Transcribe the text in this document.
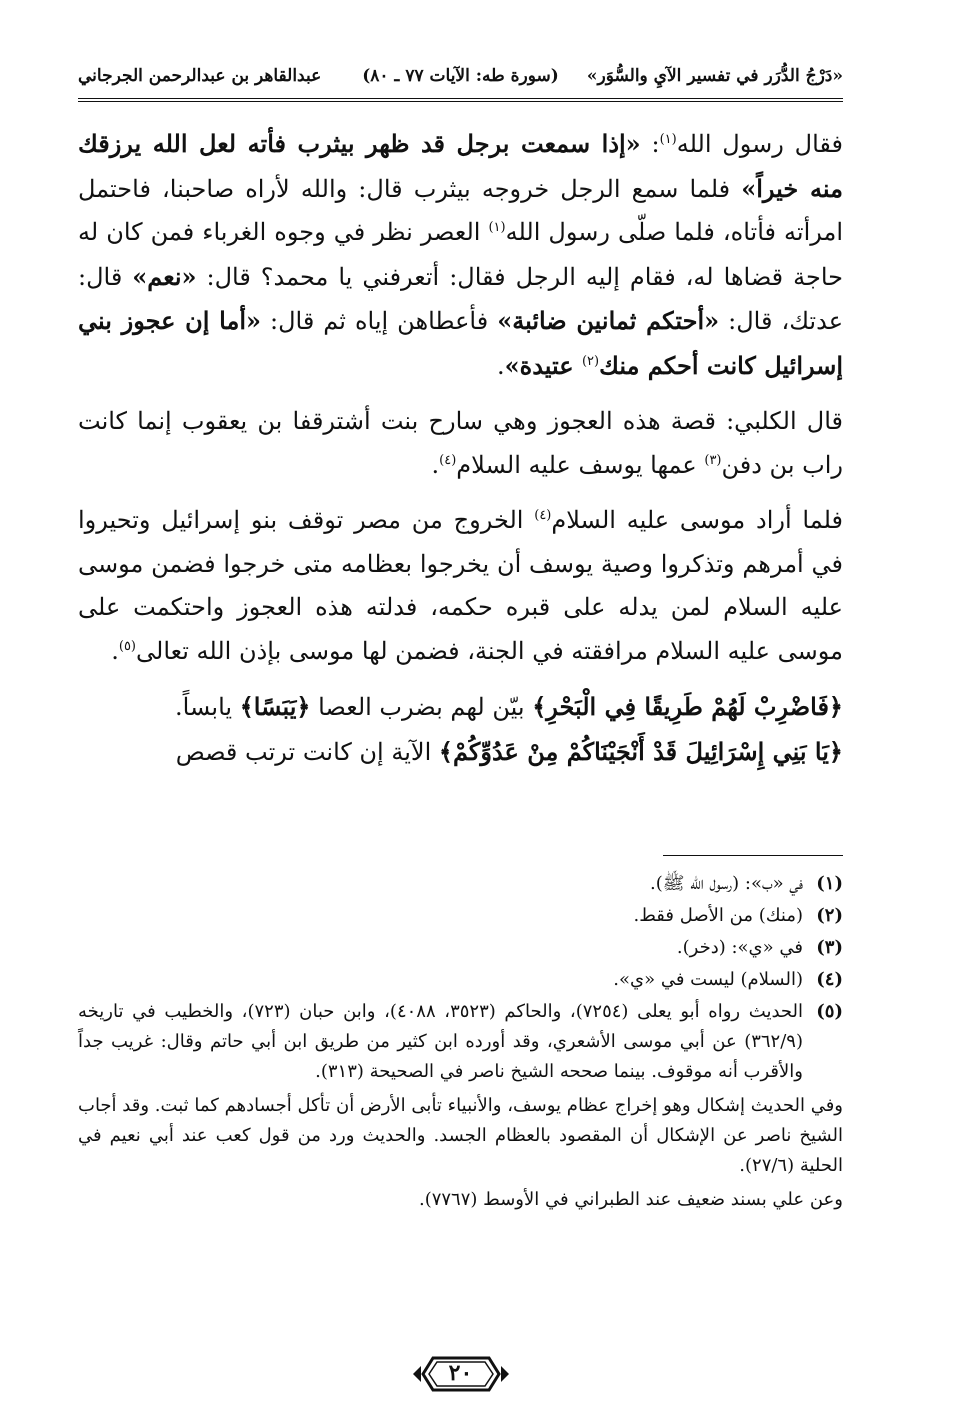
«دَرْجُ الدُّرَر في تفسير الآيِ والسُّوَر»
(سورة طه: الآيات ٧٧ ـ ٨٠)
عبدالقاهر بن عبدالرحمن الجرجاني

فقال رسول الله$^{(١)}$: «إذا سمعت برجل قد ظهر بيثرب فأته لعل الله يرزقك منه خيراً» فلما سمع الرجل خروجه بيثرب قال: والله لأراه صاحبنا، فاحتمل امرأته فأتاه، فلما صلّى رسول الله$^{(١)}$ العصر نظر في وجوه الغرباء فمن كان له حاجة قضاها له، فقام إليه الرجل فقال: أتعرفني يا محمد؟ قال: «نعم» قال: عدتك، قال: «أحتكم ثمانين ضائبة» فأعطاهن إياه ثم قال: «أما إن عجوز بني إسرائيل كانت أحكم منك$^{(٢)}$ عتيدة».

قال الكلبي: قصة هذه العجوز وهي سارح بنت أشترقفا بن يعقوب إنما كانت راب بن دفن$^{(٣)}$ عمها يوسف عليه السلام$^{(٤)}$.

فلما أراد موسى عليه السلام$^{(٤)}$ الخروج من مصر توقف بنو إسرائيل وتحيروا في أمرهم وتذكروا وصية يوسف أن يخرجوا بعظامه متى خرجوا فضمن موسى عليه السلام لمن يدله على قبره حكمه، فدلته هذه العجوز واحتكمت على موسى عليه السلام مرافقته في الجنة، فضمن لها موسى بإذن الله تعالى$^{(٥)}$.

﴿فَاضْرِبْ لَهُمْ طَرِيقًا فِي الْبَحْرِ﴾ بيّن لهم بضرب العصا ﴿يَبَسًا﴾ يابساً.

﴿يَا بَنِي إِسْرَائِيلَ قَدْ أَنْجَيْنَاكُمْ مِنْ عَدُوِّكُمْ﴾ الآية إن كانت ترتب قصص

(١)
في «ب»: (رسول الله ﷺ).
(٢)
(منك) من الأصل فقط.
(٣)
في «ي»: (دخر).
(٤)
(السلام) ليست في «ي».
(٥)
الحديث رواه أبو يعلى (٧٢٥٤)، والحاكم (٣٥٢٣، ٤٠٨٨)، وابن حبان (٧٢٣)، والخطيب في تاريخه (٣٦٢/٩) عن أبي موسى الأشعري، وقد أورده ابن كثير من طريق ابن أبي حاتم وقال: غريب جداً والأقرب أنه موقوف. بينما صححه الشيخ ناصر في الصحيحة (٣١٣).
وفي الحديث إشكال وهو إخراج عظام يوسف، والأنبياء تأبى الأرض أن تأكل أجسادهم كما ثبت. وقد أجاب الشيخ ناصر عن الإشكال أن المقصود بالعظام الجسد. والحديث ورد من قول كعب عند أبي نعيم في الحلية (٢٧/٦).
وعن علي بسند ضعيف عند الطبراني في الأوسط (٧٧٦٧).
٢٠
